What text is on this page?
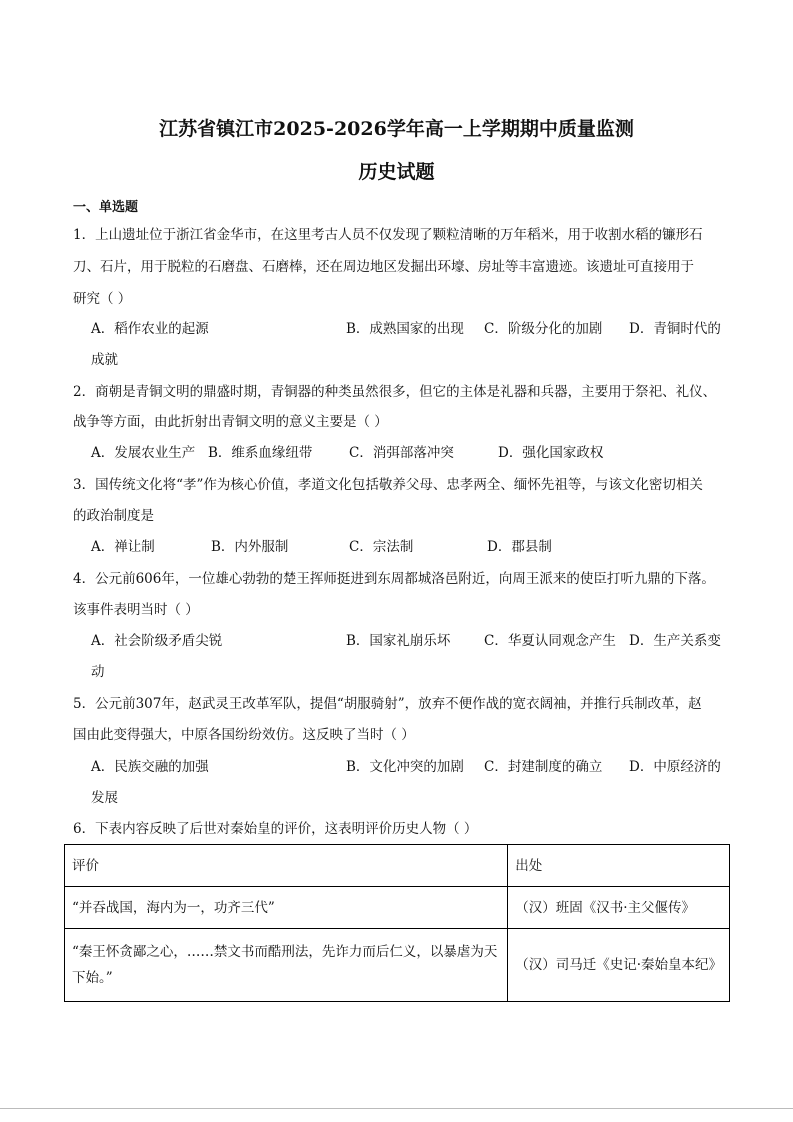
江苏省镇江市2025-2026学年高一上学期期中质量监测
历史试题
一、单选题
1．上山遗址位于浙江省金华市，在这里考古人员不仅发现了颗粒清晰的万年稻米，用于收割水稻的镰形石
刀、石片，用于脱粒的石磨盘、石磨棒，还在周边地区发掘出环壕、房址等丰富遗迹。该遗址可直接用于
研究（ ）
A．稻作农业的起源	B．成熟国家的出现 C．阶级分化的加剧 D．青铜时代的
成就
2．商朝是青铜文明的鼎盛时期，青铜器的种类虽然很多，但它的主体是礼器和兵器，主要用于祭祀、礼仪、
战争等方面，由此折射出青铜文明的意义主要是（ ）
A．发展农业生产 B．维系血缘纽带	C．消弭部落冲突	D．强化国家政权
3．国传统文化将“孝”作为核心价值，孝道文化包括敬养父母、忠孝两全、缅怀先祖等，与该文化密切相关
的政治制度是
A．禅让制	B．内外服制	C．宗法制	D．郡县制
4．公元前606年，一位雄心勃勃的楚王挥师挺进到东周都城洛邑附近，向周王派来的使臣打听九鼎的下落。
该事件表明当时（ ）
A．社会阶级矛盾尖锐	B．国家礼崩乐坏 C．华夏认同观念产生 D．生产关系变
动
5．公元前307年，赵武灵王改革军队，提倡“胡服骑射”，放弃不便作战的宽衣阔袖，并推行兵制改革，赵
国由此变得强大，中原各国纷纷效仿。这反映了当时（ ）
A．民族交融的加强	B．文化冲突的加剧 C．封建制度的确立 D．中原经济的
发展
6．下表内容反映了后世对秦始皇的评价，这表明评价历史人物（ ）
评价	出处
“并吞战国，海内为一，功齐三代”	（汉）班固《汉书·主父偃传》
“秦王怀贪鄙之心，……禁文书而酷刑法，先诈力而后仁义，以暴虐为天下始。”	（汉）司马迁《史记·秦始皇本纪》
